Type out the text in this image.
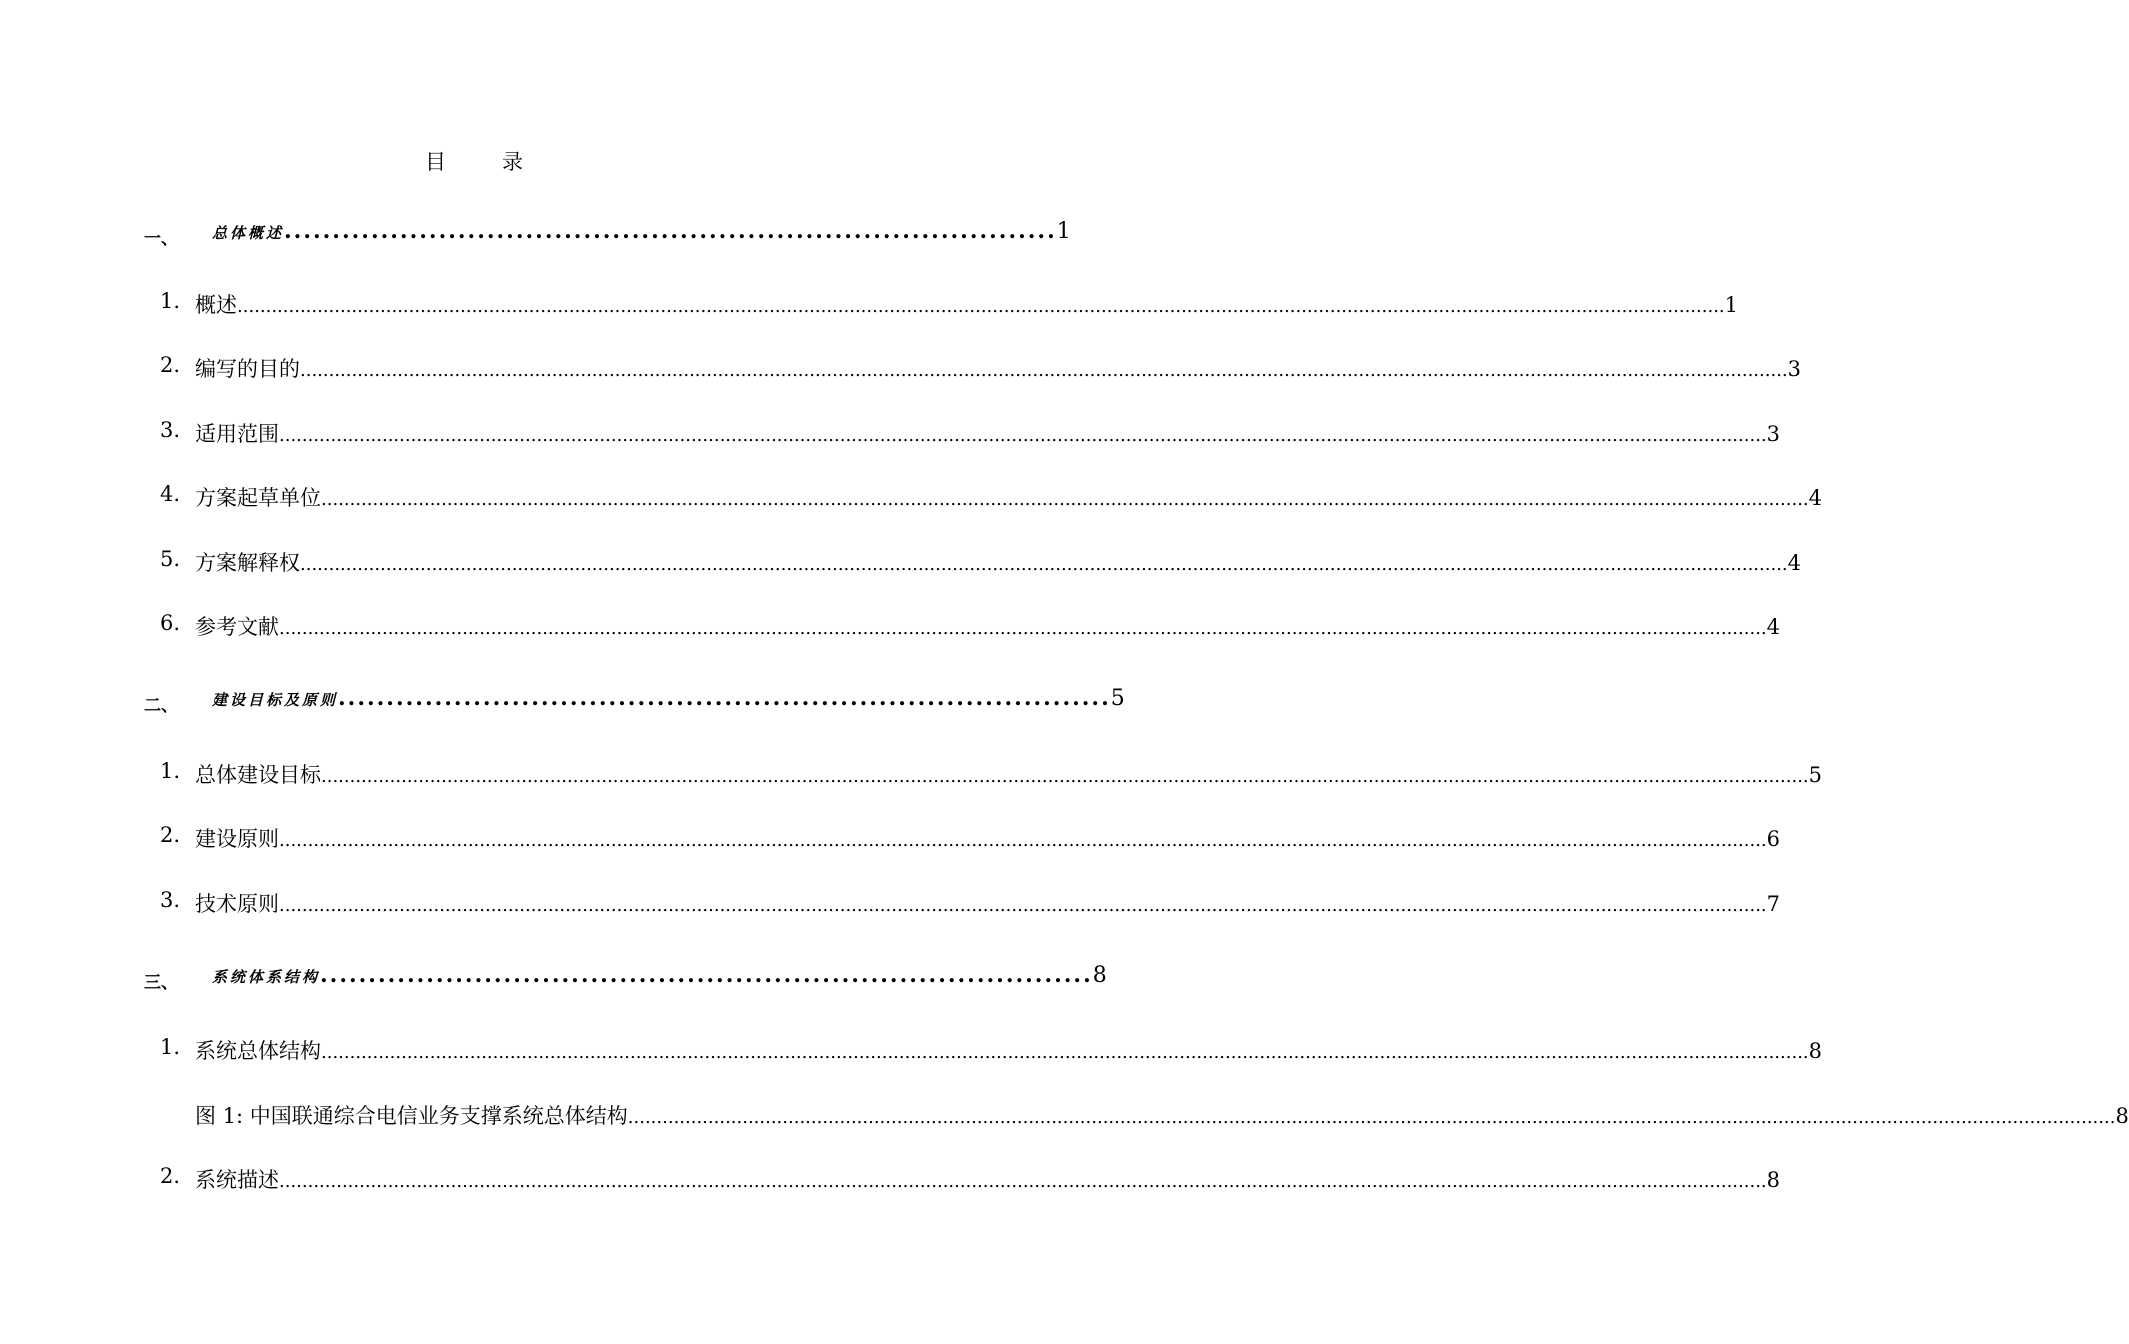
目	录
一、 总体概述 ................................................................................ 1
1. 概述 .................................................................................................................................................................................................................................................................... 1
2. 编写的目的 .................................................................................................................................................................................................................................................................... 3
3. 适用范围 .................................................................................................................................................................................................................................................................... 3
4. 方案起草单位 .................................................................................................................................................................................................................................................................... 4
5. 方案解释权 .................................................................................................................................................................................................................................................................... 4
6. 参考文献 .................................................................................................................................................................................................................................................................... 4
二、 建设目标及原则 ................................................................................ 5
1. 总体建设目标 .................................................................................................................................................................................................................................................................... 5
2. 建设原则 .................................................................................................................................................................................................................................................................... 6
3. 技术原则 .................................................................................................................................................................................................................................................................... 7
三、 系统体系结构 ................................................................................ 8
1. 系统总体结构 .................................................................................................................................................................................................................................................................... 8
图 1: 中国联通综合电信业务支撑系统总体结构 .................................................................................................................................................................................................................................................................... 8
2. 系统描述 .................................................................................................................................................................................................................................................................... 8
